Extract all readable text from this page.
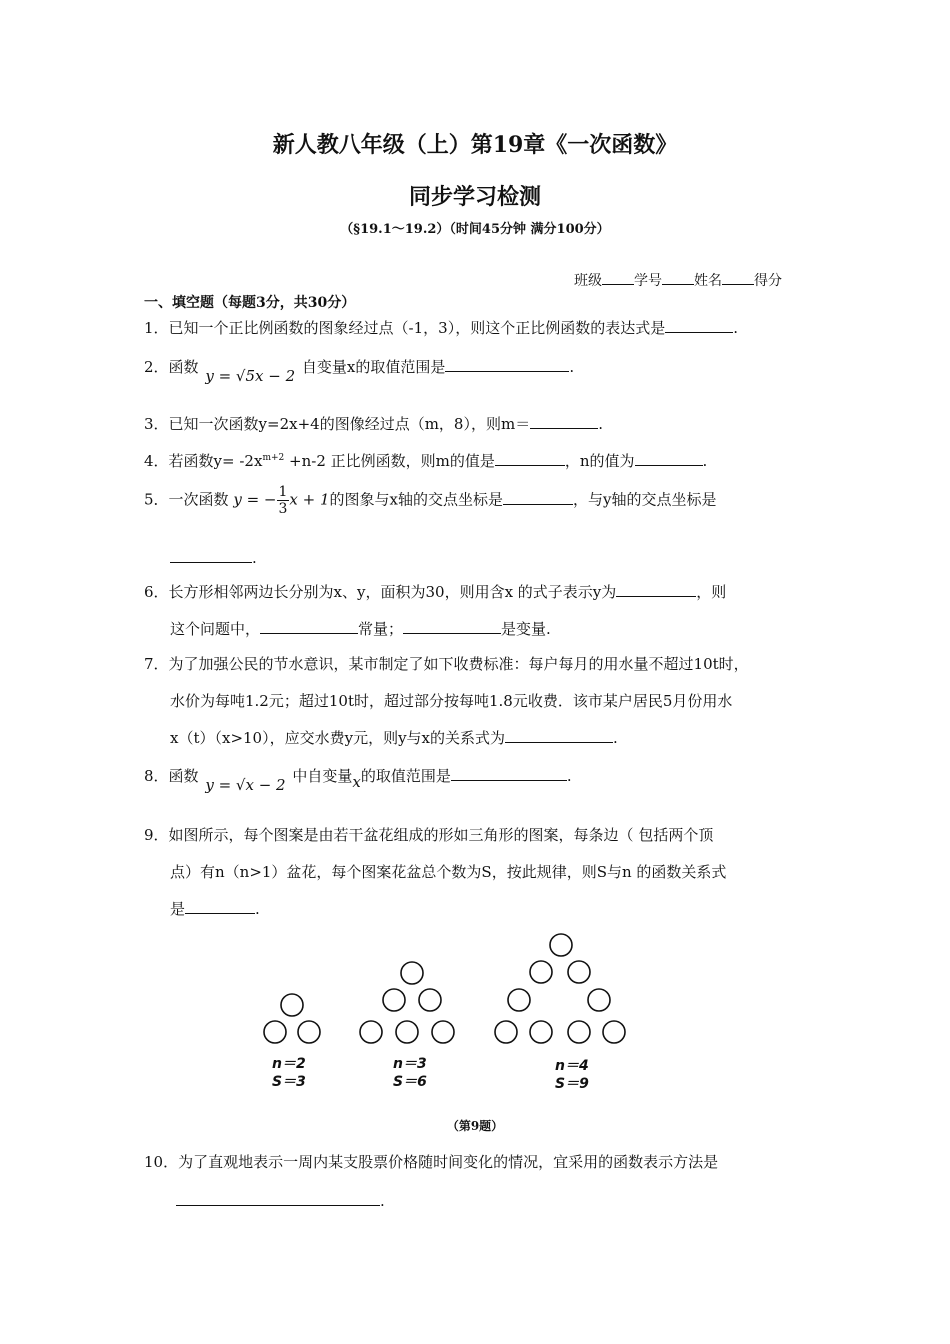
新人教八年级（上）第19章《一次函数》
同步学习检测
（§19.1～19.2）（时间45分钟 满分100分）
班级 学号 姓名 得分
一、填空题（每题3分，共30分）
1．已知一个正比例函数的图象经过点（-1，3），则这个正比例函数的表达式是	.
2．函数 y = √5x − 2 自变量x的取值范围是	.
3．已知一次函数y=2x+4的图像经过点（m，8），则m＝	.
4．若函数$y= -2x^{m+2} +n-2$ 正比例函数，则m的值是	，n的值为	.
5．一次函数 y = − $\frac{1}{3}$ x + 1的图象与x轴的交点坐标是	，与y轴的交点坐标是
.
6．长方形相邻两边长分别为x、y，面积为30，则用含x 的式子表示y为	，则
这个问题中，	常量；	是变量.
7．为了加强公民的节水意识，某市制定了如下收费标准：每户每月的用水量不超过10t时，
水价为每吨1.2元；超过10t时，超过部分按每吨1.8元收费．该市某户居民5月份用水
x（t）（x>10），应交水费y元，则y与x的关系式为	.
8．函数 y = √x − 2 中自变量x的取值范围是	.
9．如图所示，每个图案是由若干盆花组成的形如三角形的图案，每条边（ 包括两个顶
点）有n（n>1）盆花，每个图案花盆总个数为S，按此规律，则S与n 的函数关系式
是	.
n＝2
S＝3
n＝3
S＝6
n＝4
S＝9
（第9题）
10．为了直观地表示一周内某支股票价格随时间变化的情况，宜采用的函数表示方法是
.
